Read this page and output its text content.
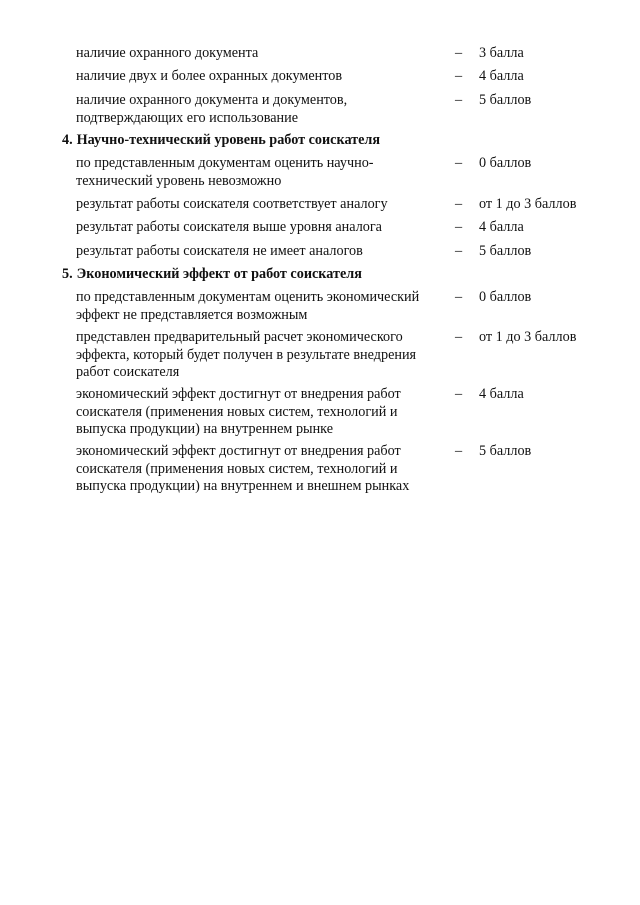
наличие охранного документа	–	3 балла
наличие двух и более охранных документов	–	4 балла
наличие охранного документа и документов,
подтверждающих его использование
–	5 баллов
4. Научно-технический уровень работ соискателя
по представленным документам оценить научно-
технический уровень невозможно
–	0 баллов
результат работы соискателя соответствует аналогу	–	от 1 до 3 баллов
результат работы соискателя выше уровня аналога	–	4 балла
результат работы соискателя не имеет аналогов	–	5 баллов
5. Экономический эффект от работ соискателя
по представленным документам оценить экономический
эффект не представляется возможным
–	0 баллов
представлен предварительный расчет экономического
эффекта, который будет получен в результате внедрения
работ соискателя
–	от 1 до 3 баллов
экономический эффект достигнут от внедрения работ
соискателя (применения новых систем, технологий и
выпуска продукции) на внутреннем рынке
–	4 балла
экономический эффект достигнут от внедрения работ
соискателя (применения новых систем, технологий и
выпуска продукции) на внутреннем и внешнем рынках
–	5 баллов
